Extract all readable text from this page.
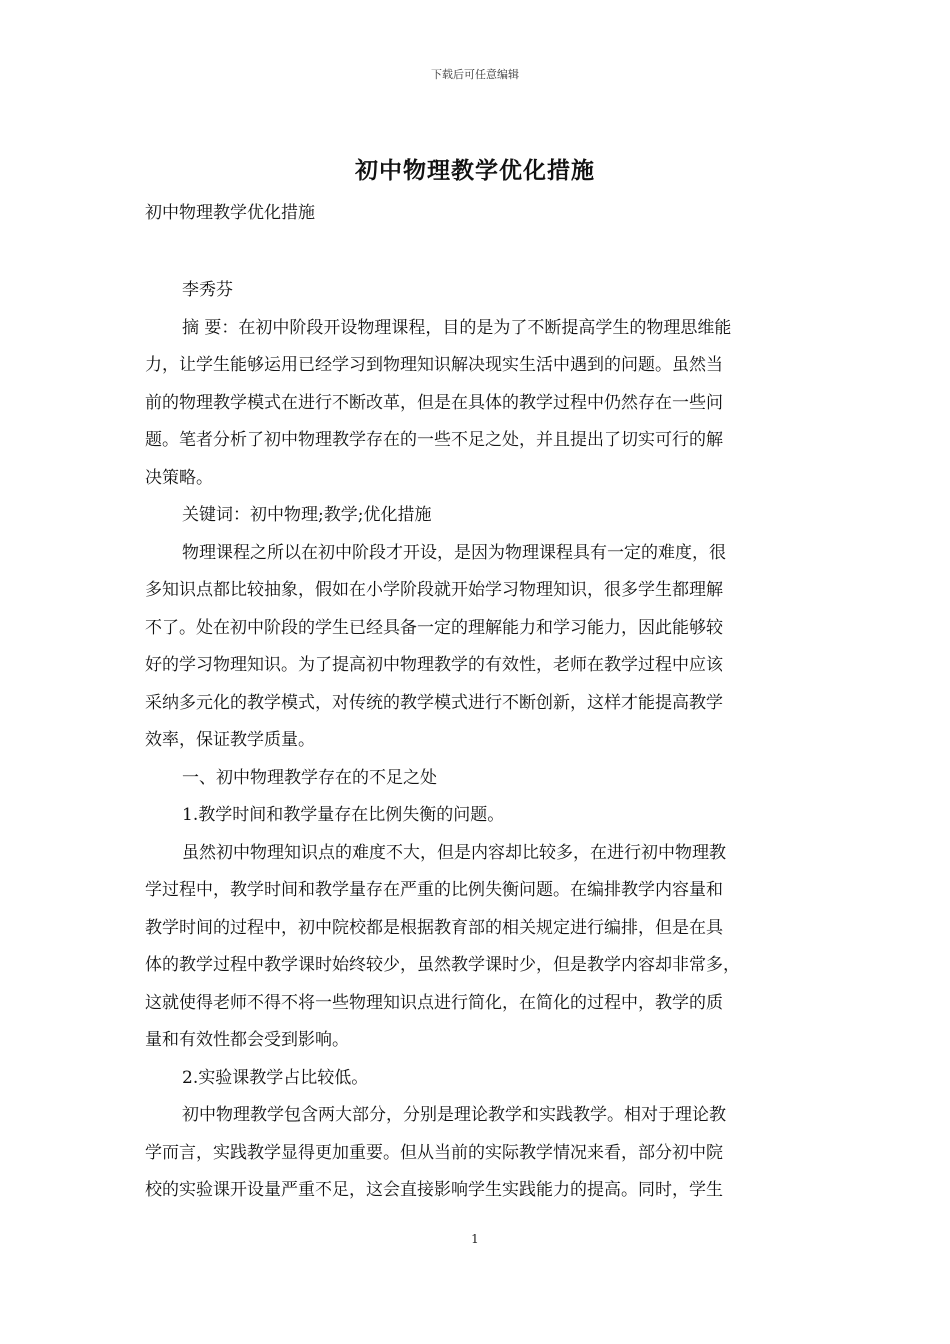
下载后可任意编辑
初中物理教学优化措施
初中物理教学优化措施
李秀芬
摘 要：在初中阶段开设物理课程，目的是为了不断提高学生的物理思维能
力，让学生能够运用已经学习到物理知识解决现实生活中遇到的问题。虽然当
前的物理教学模式在进行不断改革，但是在具体的教学过程中仍然存在一些问
题。笔者分析了初中物理教学存在的一些不足之处，并且提出了切实可行的解
决策略。
关键词：初中物理;教学;优化措施
物理课程之所以在初中阶段才开设，是因为物理课程具有一定的难度，很
多知识点都比较抽象，假如在小学阶段就开始学习物理知识，很多学生都理解
不了。处在初中阶段的学生已经具备一定的理解能力和学习能力，因此能够较
好的学习物理知识。为了提高初中物理教学的有效性，老师在教学过程中应该
采纳多元化的教学模式，对传统的教学模式进行不断创新，这样才能提高教学
效率，保证教学质量。
一、初中物理教学存在的不足之处
1.教学时间和教学量存在比例失衡的问题。
虽然初中物理知识点的难度不大，但是内容却比较多，在进行初中物理教
学过程中，教学时间和教学量存在严重的比例失衡问题。在编排教学内容量和
教学时间的过程中，初中院校都是根据教育部的相关规定进行编排，但是在具
体的教学过程中教学课时始终较少，虽然教学课时少，但是教学内容却非常多，
这就使得老师不得不将一些物理知识点进行简化，在简化的过程中，教学的质
量和有效性都会受到影响。
2.实验课教学占比较低。
初中物理教学包含两大部分，分别是理论教学和实践教学。相对于理论教
学而言，实践教学显得更加重要。但从当前的实际教学情况来看，部分初中院
校的实验课开设量严重不足，这会直接影响学生实践能力的提高。同时，学生
1
